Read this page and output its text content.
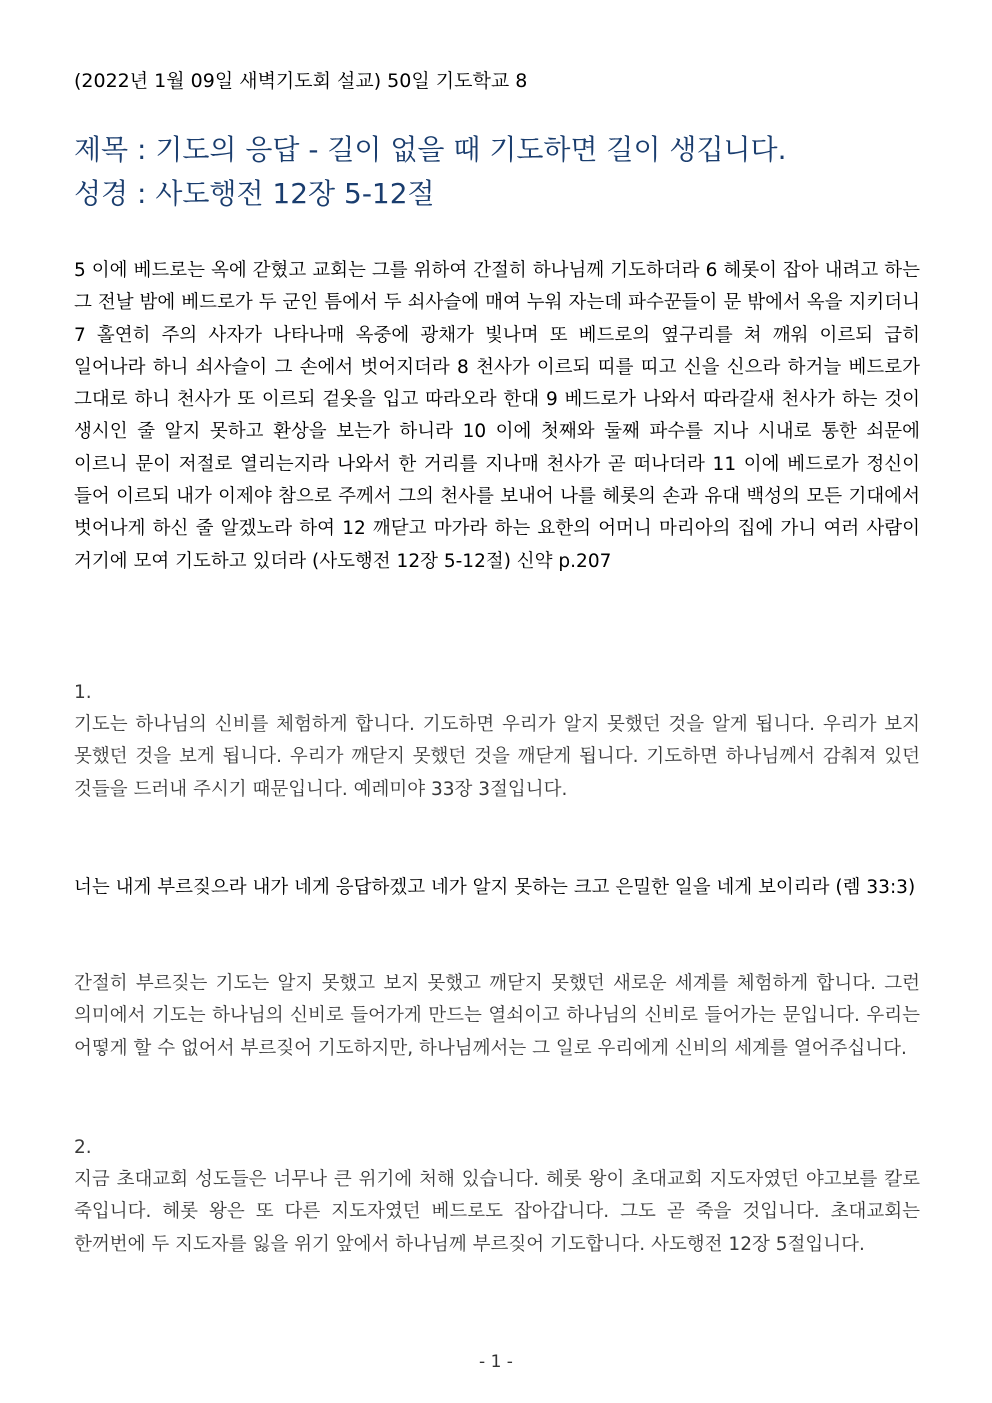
(2022년 1월 09일 새벽기도회 설교) 50일 기도학교 8
제목 : 기도의 응답 - 길이 없을 때 기도하면 길이 생깁니다.
성경 : 사도행전 12장 5-12절

5 이에 베드로는 옥에 갇혔고 교회는 그를 위하여 간절히 하나님께 기도하더라 6 헤롯이 잡아 내려고 하는 그 전날 밤에 베드로가 두 군인 틈에서 두 쇠사슬에 매여 누워 자는데 파수꾼들이 문 밖에서 옥을 지키더니 7 홀연히 주의 사자가 나타나매 옥중에 광채가 빛나며 또 베드로의 옆구리를 쳐 깨워 이르되 급히 일어나라 하니 쇠사슬이 그 손에서 벗어지더라 8 천사가 이르되 띠를 띠고 신을 신으라 하거늘 베드로가 그대로 하니 천사가 또 이르되 겉옷을 입고 따라오라 한대 9 베드로가 나와서 따라갈새 천사가 하는 것이 생시인 줄 알지 못하고 환상을 보는가 하니라 10 이에 첫째와 둘째 파수를 지나 시내로 통한 쇠문에 이르니 문이 저절로 열리는지라 나와서 한 거리를 지나매 천사가 곧 떠나더라 11 이에 베드로가 정신이 들어 이르되 내가 이제야 참으로 주께서 그의 천사를 보내어 나를 헤롯의 손과 유대 백성의 모든 기대에서 벗어나게 하신 줄 알겠노라 하여 12 깨닫고 마가라 하는 요한의 어머니 마리아의 집에 가니 여러 사람이 거기에 모여 기도하고 있더라 (사도행전 12장 5-12절) 신약 p.207

1.

기도는 하나님의 신비를 체험하게 합니다. 기도하면 우리가 알지 못했던 것을 알게 됩니다. 우리가 보지 못했던 것을 보게 됩니다. 우리가 깨닫지 못했던 것을 깨닫게 됩니다. 기도하면 하나님께서 감춰져 있던 것들을 드러내 주시기 때문입니다. 예레미야 33장 3절입니다.

너는 내게 부르짖으라 내가 네게 응답하겠고 네가 알지 못하는 크고 은밀한 일을 네게 보이리라 (렘 33:3)

간절히 부르짖는 기도는 알지 못했고 보지 못했고 깨닫지 못했던 새로운 세계를 체험하게 합니다. 그런 의미에서 기도는 하나님의 신비로 들어가게 만드는 열쇠이고 하나님의 신비로 들어가는 문입니다. 우리는 어떻게 할 수 없어서 부르짖어 기도하지만, 하나님께서는 그 일로 우리에게 신비의 세계를 열어주십니다.

2.

지금 초대교회 성도들은 너무나 큰 위기에 처해 있습니다. 헤롯 왕이 초대교회 지도자였던 야고보를 칼로 죽입니다. 헤롯 왕은 또 다른 지도자였던 베드로도 잡아갑니다. 그도 곧 죽을 것입니다. 초대교회는 한꺼번에 두 지도자를 잃을 위기 앞에서 하나님께 부르짖어 기도합니다. 사도행전 12장 5절입니다.

- 1 -
